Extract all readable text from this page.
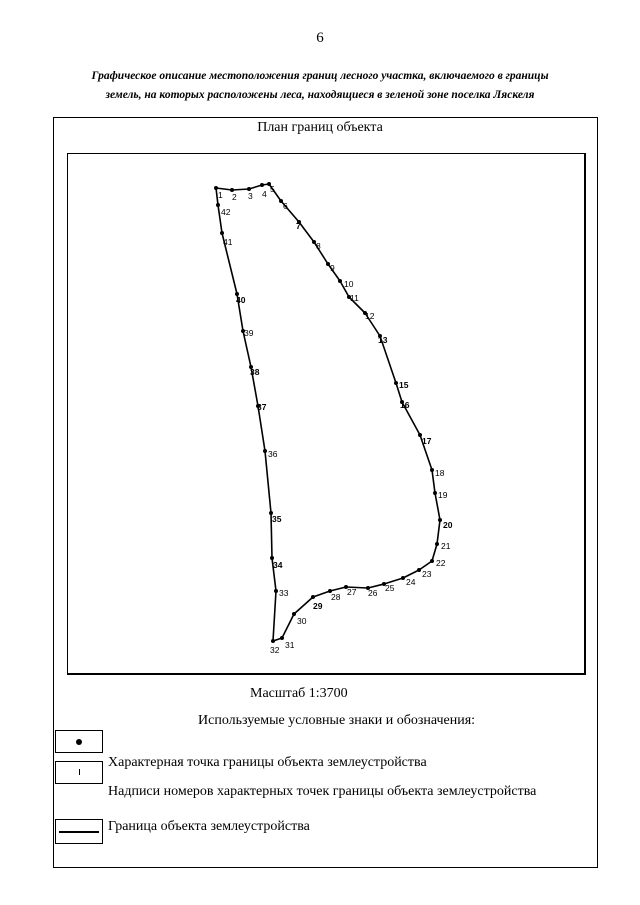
6
Графическое описание местоположения границ лесного участка, включаемого в границы
земель, на которых расположены леса, находящиеся в зеленой зоне поселка Ляскеля
План границ объекта
1 2 3 4 5
6
7
8
9
10
11
12
13
15
16
17
18
19
20
21
22
23
24
25
26
27
28
29
30
31
32
33
34
35
36
37
38
39
40
41
42
Масштаб 1:3700
Используемые условные знаки и обозначения:
Характерная точка границы объекта землеустройства
Надписи номеров характерных точек границы объекта землеустройства
Граница объекта землеустройства
